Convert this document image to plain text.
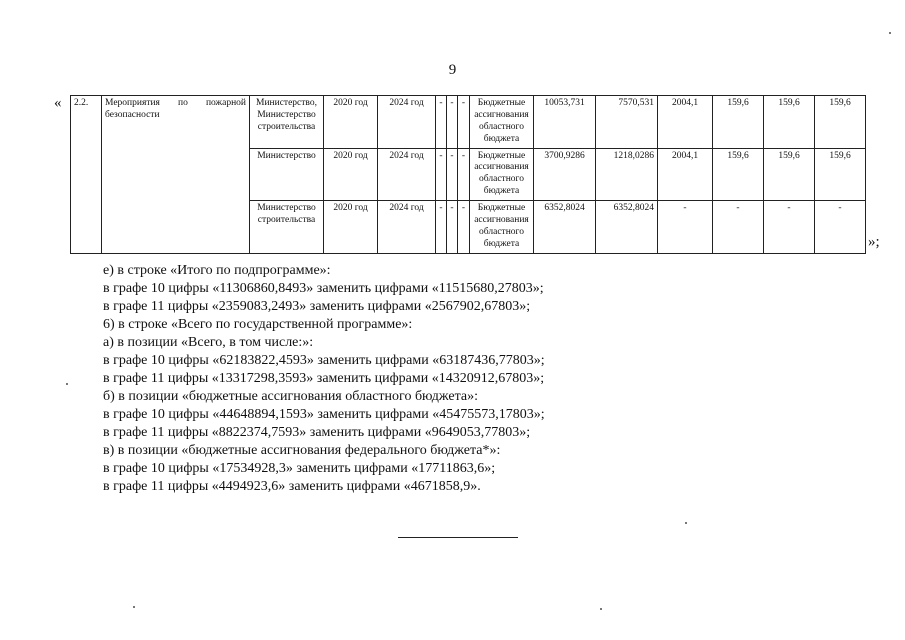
9
«
»;
2.2.	Мероприятия по пожарной безопасности	Министерство, Министерство строительства	2020 год	2024 год	-	-	-	Бюджетные ассигнования областного бюджета	10053,731	7570,531	2004,1	159,6	159,6	159,6
		Министерство	2020 год	2024 год	-	-	-	Бюджетные ассигнования областного бюджета	3700,9286	1218,0286	2004,1	159,6	159,6	159,6
		Министерство строительства	2020 год	2024 год	-	-	-	Бюджетные ассигнования областного бюджета	6352,8024	6352,8024	-	-	-	-
е) в строке «Итого по подпрограмме»:
в графе 10 цифры «11306860,8493» заменить цифрами «11515680,27803»;
в графе 11 цифры «2359083,2493» заменить цифрами «2567902,67803»;
6) в строке «Всего по государственной программе»:
а) в позиции «Всего, в том числе:»:
в графе 10 цифры «62183822,4593» заменить цифрами «63187436,77803»;
в графе 11 цифры «13317298,3593» заменить цифрами «14320912,67803»;
б) в позиции «бюджетные ассигнования областного бюджета»:
в графе 10 цифры «44648894,1593» заменить цифрами «45475573,17803»;
в графе 11 цифры «8822374,7593» заменить цифрами «9649053,77803»;
в) в позиции «бюджетные ассигнования федерального бюджета*»:
в графе 10 цифры «17534928,3» заменить цифрами «17711863,6»;
в графе 11 цифры «4494923,6» заменить цифрами «4671858,9».
